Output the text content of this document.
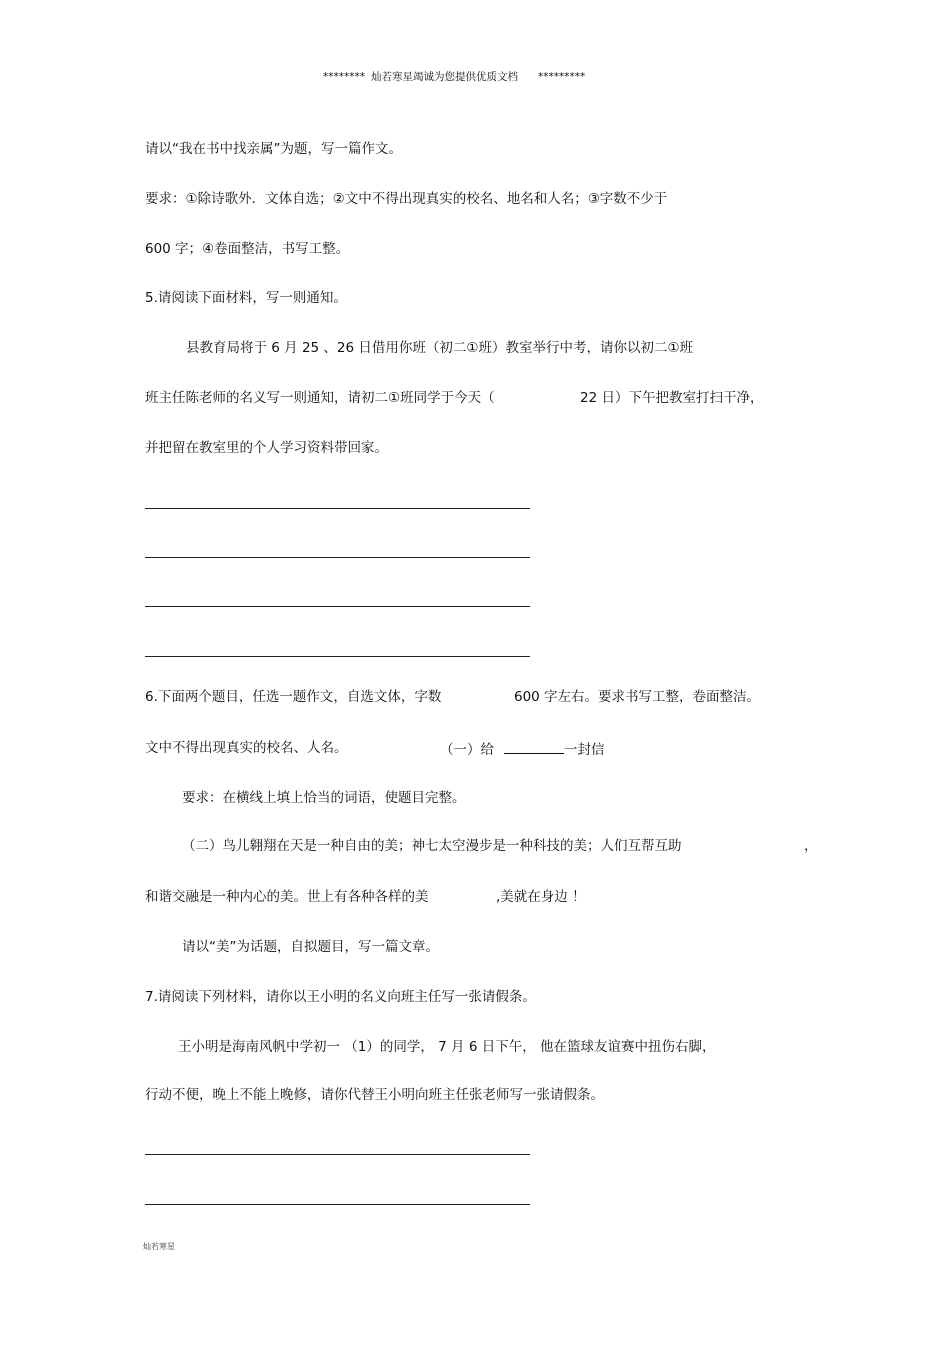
******** 灿若寒星竭诚为您提供优质文档 *********
请以“我在书中找亲属”为题，写一篇作文。
要求：①除诗歌外．文体自选；②文中不得出现真实的校名、地名和人名；③字数不少于
600 字；④卷面整洁，书写工整。
5.请阅读下面材料，写一则通知。
县教育局将于 6 月 25 、26 日借用你班（初二①班）教室举行中考，请你以初二①班
班主任陈老师的名义写一则通知，请初二①班同学于今天（	22 日）下午把教室打扫干净，
并把留在教室里的个人学习资料带回家。
6.下面两个题目，任选一题作文，自选文体，字数	600 字左右。要求书写工整，卷面整洁。
文中不得出现真实的校名、人名。	（一）给	一封信
要求：在横线上填上恰当的词语，使题目完整。
（二）鸟儿翱翔在天是一种自由的美；神七太空漫步是一种科技的美；人们互帮互助	，
和谐交融是一种内心的美。世上有各种各样的美	,美就在身边 ！
请以“美”为话题，自拟题目，写一篇文章。
7.请阅读下列材料，请你以王小明的名义向班主任写一张请假条。
王小明是海南风帆中学初一 （1）的同学， 7 月 6 日下午， 他在篮球友谊赛中扭伤右脚，
行动不便，晚上不能上晚修，请你代替王小明向班主任张老师写一张请假条。
灿若寒星
